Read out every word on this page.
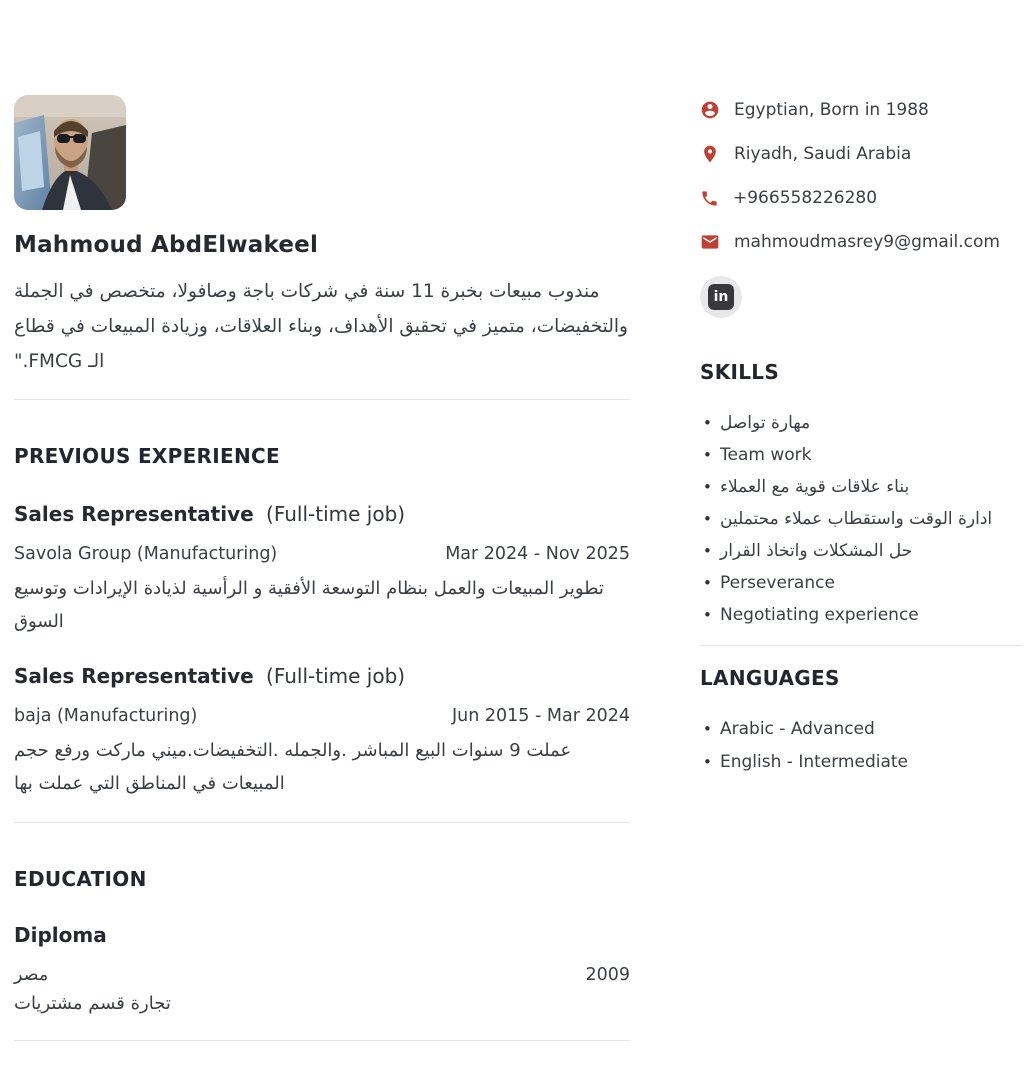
Mahmoud AbdElwakeel

مندوب مبيعات بخبرة 11 سنة في شركات باجة وصافولا، متخصص في الجملة والتخفيضات، متميز في تحقيق الأهداف، وبناء العلاقات، وزيادة المبيعات في قطاع الـ FMCG."

PREVIOUS EXPERIENCE
Sales Representative (Full-time job)
Savola Group (Manufacturing)	Mar 2024 - Nov 2025

تطوير المبيعات والعمل بنظام التوسعة الأفقية و الرأسية لذيادة الإيرادات وتوسيع السوق

Sales Representative (Full-time job)
baja (Manufacturing)	Jun 2015 - Mar 2024

عملت 9 سنوات البيع المباشر .والجمله .التخفيضات.ميني ماركت ورفع حجم المبيعات في المناطق التي عملت بها

EDUCATION
Diploma
مصر	2009
تجارة قسم مشتريات
Egyptian, Born in 1988
Riyadh, Saudi Arabia
+966558226280
mahmoudmasrey9@gmail.com
in
SKILLS
• مهارة تواصل
• Team work
• بناء علاقات قوية مع العملاء
• ادارة الوقت واستقطاب عملاء محتملين
• حل المشكلات واتخاذ القرار
• Perseverance
• Negotiating experience
LANGUAGES
• Arabic - Advanced
• English - Intermediate
